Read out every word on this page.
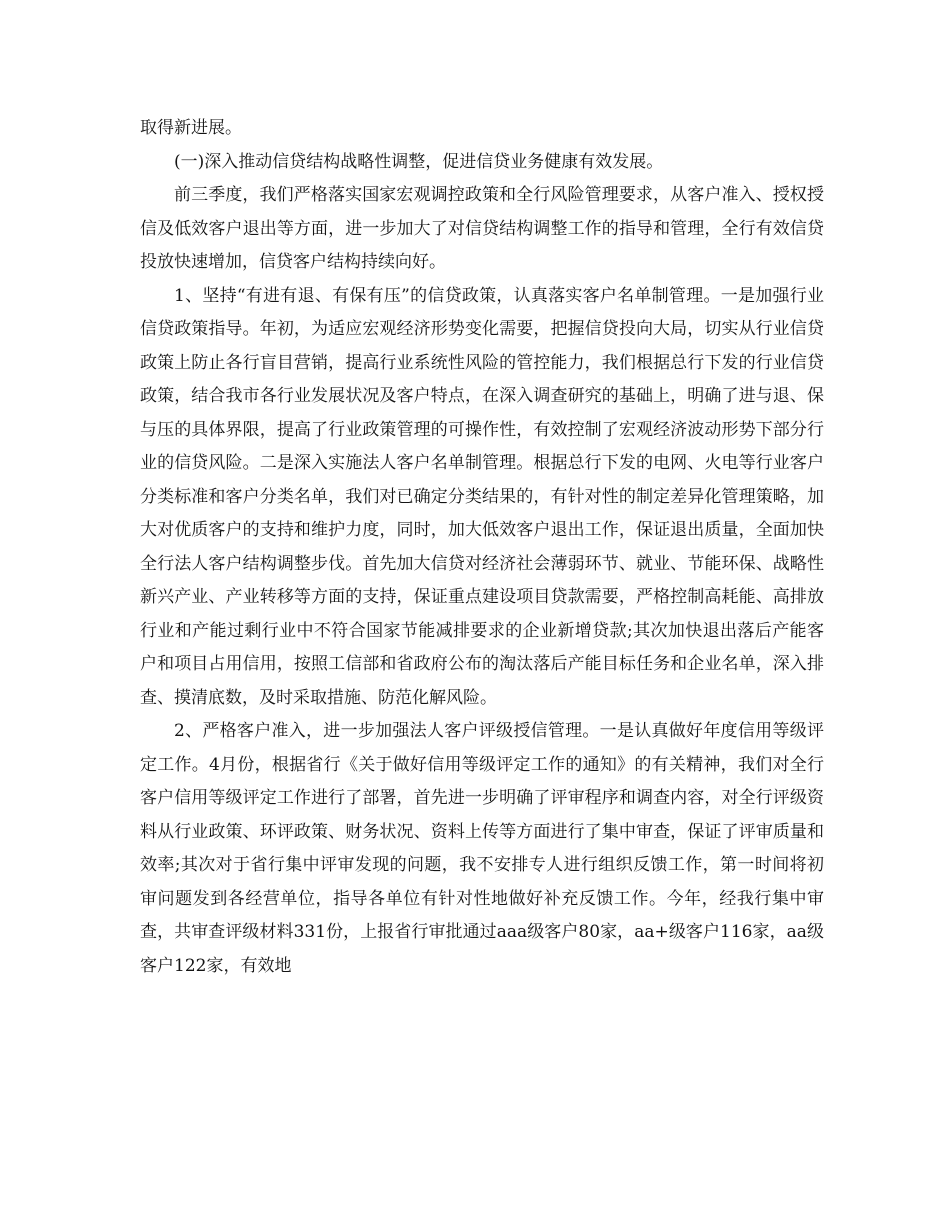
取得新进展。

(一)深入推动信贷结构战略性调整，促进信贷业务健康有效发展。

前三季度，我们严格落实国家宏观调控政策和全行风险管理要求，从客户准入、授权授信及低效客户退出等方面，进一步加大了对信贷结构调整工作的指导和管理，全行有效信贷投放快速增加，信贷客户结构持续向好。

1、坚持“有进有退、有保有压”的信贷政策，认真落实客户名单制管理。一是加强行业信贷政策指导。年初，为适应宏观经济形势变化需要，把握信贷投向大局，切实从行业信贷政策上防止各行盲目营销，提高行业系统性风险的管控能力，我们根据总行下发的行业信贷政策，结合我市各行业发展状况及客户特点，在深入调查研究的基础上，明确了进与退、保与压的具体界限，提高了行业政策管理的可操作性，有效控制了宏观经济波动形势下部分行业的信贷风险。二是深入实施法人客户名单制管理。根据总行下发的电网、火电等行业客户分类标准和客户分类名单，我们对已确定分类结果的，有针对性的制定差异化管理策略，加大对优质客户的支持和维护力度，同时，加大低效客户退出工作，保证退出质量，全面加快全行法人客户结构调整步伐。首先加大信贷对经济社会薄弱环节、就业、节能环保、战略性新兴产业、产业转移等方面的支持，保证重点建设项目贷款需要，严格控制高耗能、高排放行业和产能过剩行业中不符合国家节能减排要求的企业新增贷款;其次加快退出落后产能客户和项目占用信用，按照工信部和省政府公布的淘汰落后产能目标任务和企业名单，深入排查、摸清底数，及时采取措施、防范化解风险。

2、严格客户准入，进一步加强法人客户评级授信管理。一是认真做好年度信用等级评定工作。4月份，根据省行《关于做好信用等级评定工作的通知》的有关精神，我们对全行客户信用等级评定工作进行了部署，首先进一步明确了评审程序和调查内容，对全行评级资料从行业政策、环评政策、财务状况、资料上传等方面进行了集中审查，保证了评审质量和效率;其次对于省行集中评审发现的问题，我不安排专人进行组织反馈工作，第一时间将初审问题发到各经营单位，指导各单位有针对性地做好补充反馈工作。今年，经我行集中审查，共审查评级材料331份，上报省行审批通过aaa级客户80家，aa+级客户116家，aa级客户122家，有效地
